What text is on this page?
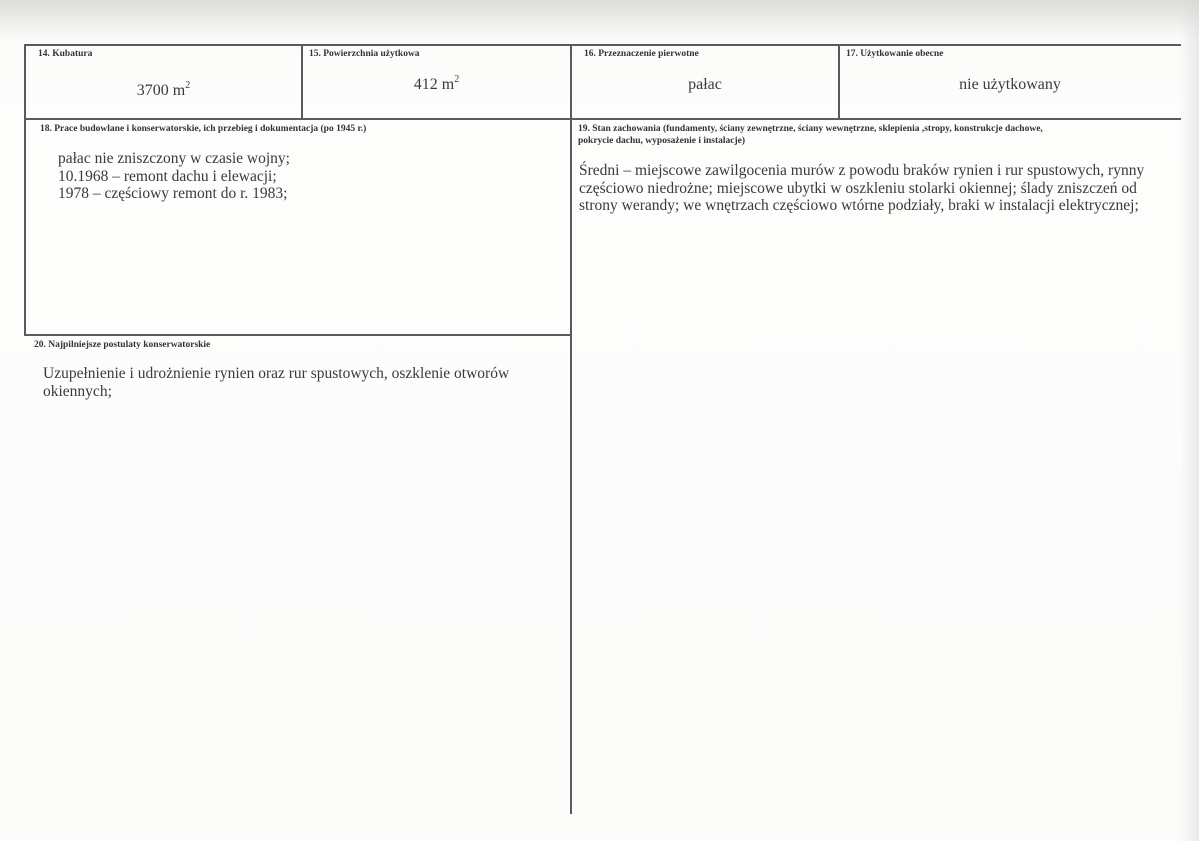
14. Kubatura
3700 $m^2$
15. Powierzchnia użytkowa
412 $m^2$
16. Przeznaczenie pierwotne
pałac
17. Użytkowanie obecne
nie użytkowany
18. Prace budowlane i konserwatorskie, ich przebieg i dokumentacja (po 1945 r.)
pałac nie zniszczony w czasie wojny;
10.1968 – remont dachu i elewacji;
1978 – częściowy remont do r. 1983;
19. Stan zachowania (fundamenty, ściany zewnętrzne, ściany wewnętrzne, sklepienia ,stropy, konstrukcje dachowe,
pokrycie dachu, wyposażenie i instalacje)
Średni – miejscowe zawilgocenia murów z powodu braków rynien i rur spustowych, rynny
częściowo niedrożne; miejscowe ubytki w oszkleniu stolarki okiennej; ślady zniszczeń od
strony werandy; we wnętrzach częściowo wtórne podziały, braki w instalacji elektrycznej;
20. Najpilniejsze postulaty konserwatorskie
Uzupełnienie i udrożnienie rynien oraz rur spustowych, oszklenie otworów
okiennych;
